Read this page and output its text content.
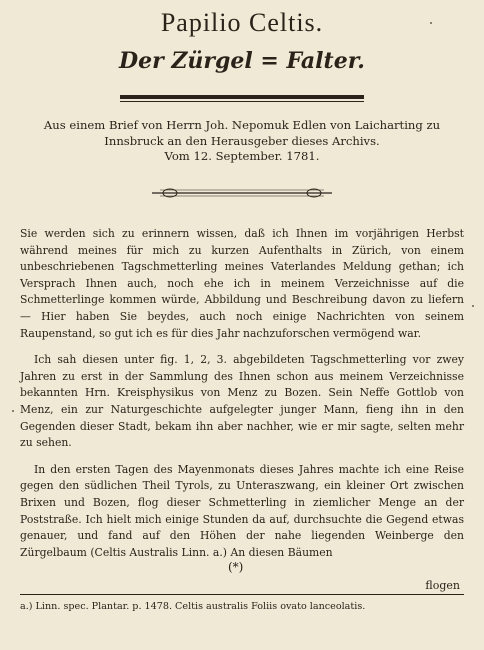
Papilio Celtis.
Der Zürgel = Falter.
Aus einem Brief von Herrn Joh. Nepomuk Edlen von Laicharting zu Innsbruck an den Herausgeber dieses Archivs.
Vom 12. September. 1781.

Sie werden sich zu erinnern wissen, daß ich Ihnen im vorjährigen Herbst während meines für mich zu kurzen Aufenthalts in Zürich, von einem unbeschriebenen Tagschmetterling meines Vaterlandes Meldung gethan; ich Versprach Ihnen auch, noch ehe ich in meinem Verzeichnisse auf die Schmetterlinge kommen würde, Abbildung und Beschreibung davon zu liefern — Hier haben Sie beydes, auch noch einige Nachrichten von seinem Raupenstand, so gut ich es für dies Jahr nachzuforschen vermögend war.

Ich sah diesen unter fig. 1, 2, 3. abgebildeten Tagschmetterling vor zwey Jahren zu erst in der Sammlung des Ihnen schon aus meinem Verzeichnisse bekannten Hrn. Kreisphysikus von Menz zu Bozen. Sein Neffe Gottlob von Menz, ein zur Naturgeschichte aufgelegter junger Mann, fieng ihn in den Gegenden dieser Stadt, bekam ihn aber nachher, wie er mir sagte, selten mehr zu sehen.

In den ersten Tagen des Mayenmonats dieses Jahres machte ich eine Reise gegen den südlichen Theil Tyrols, zu Unteraszwang, ein kleiner Ort zwischen Brixen und Bozen, flog dieser Schmetterling in ziemlicher Menge an der Poststraße. Ich hielt mich einige Stunden da auf, durchsuchte die Gegend etwas genauer, und fand auf den Höhen der nahe liegenden Weinberge den Zürgelbaum (Celtis Australis Linn. a.) An diesen Bäumen

(*)
flogen
a.) Linn. spec. Plantar. p. 1478. Celtis australis Foliis ovato lanceolatis.
